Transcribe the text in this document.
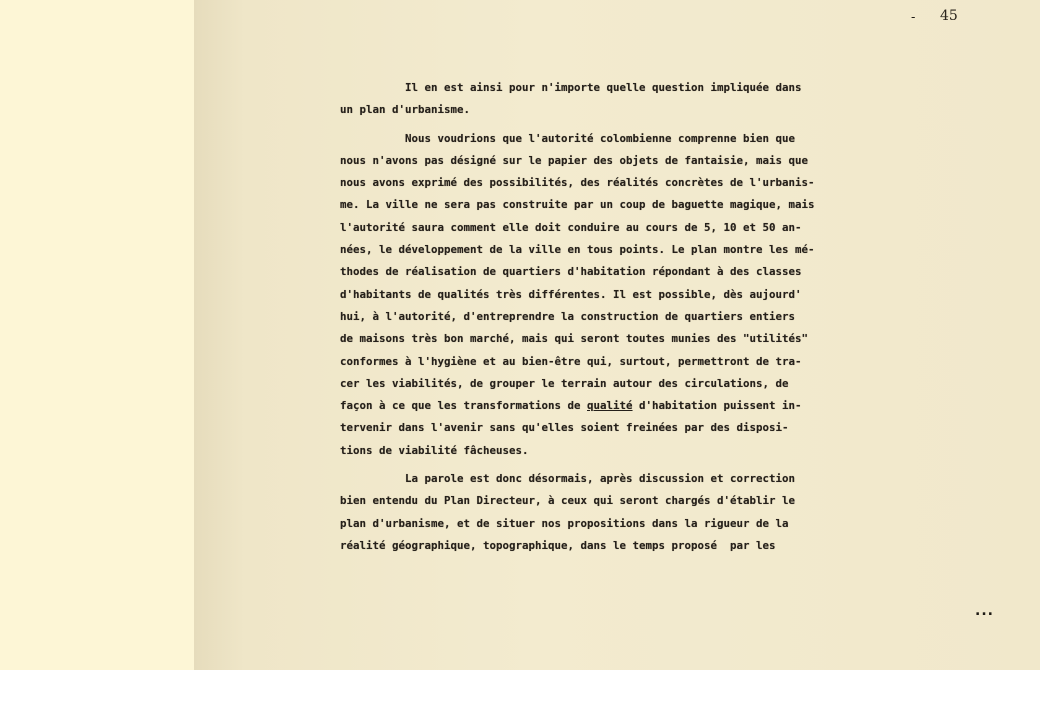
- 45
Il en est ainsi pour n'importe quelle question impliquée dans
un plan d'urbanisme.
Nous voudrions que l'autorité colombienne comprenne bien que
nous n'avons pas désigné sur le papier des objets de fantaisie, mais que
nous avons exprimé des possibilités, des réalités concrètes de l'urbanis-
me. La ville ne sera pas construite par un coup de baguette magique, mais
l'autorité saura comment elle doit conduire au cours de 5, 10 et 50 an-
nées, le développement de la ville en tous points. Le plan montre les mé-
thodes de réalisation de quartiers d'habitation répondant à des classes
d'habitants de qualités très différentes. Il est possible, dès aujourd'
hui, à l'autorité, d'entreprendre la construction de quartiers entiers
de maisons très bon marché, mais qui seront toutes munies des "utilités"
conformes à l'hygiène et au bien-être qui, surtout, permettront de tra-
cer les viabilités, de grouper le terrain autour des circulations, de
façon à ce que les transformations de qualité d'habitation puissent in-
tervenir dans l'avenir sans qu'elles soient freinées par des disposi-
tions de viabilité fâcheuses.
La parole est donc désormais, après discussion et correction
bien entendu du Plan Directeur, à ceux qui seront chargés d'établir le
plan d'urbanisme, et de situer nos propositions dans la rigueur de la
réalité géographique, topographique, dans le temps proposé  par les
...
